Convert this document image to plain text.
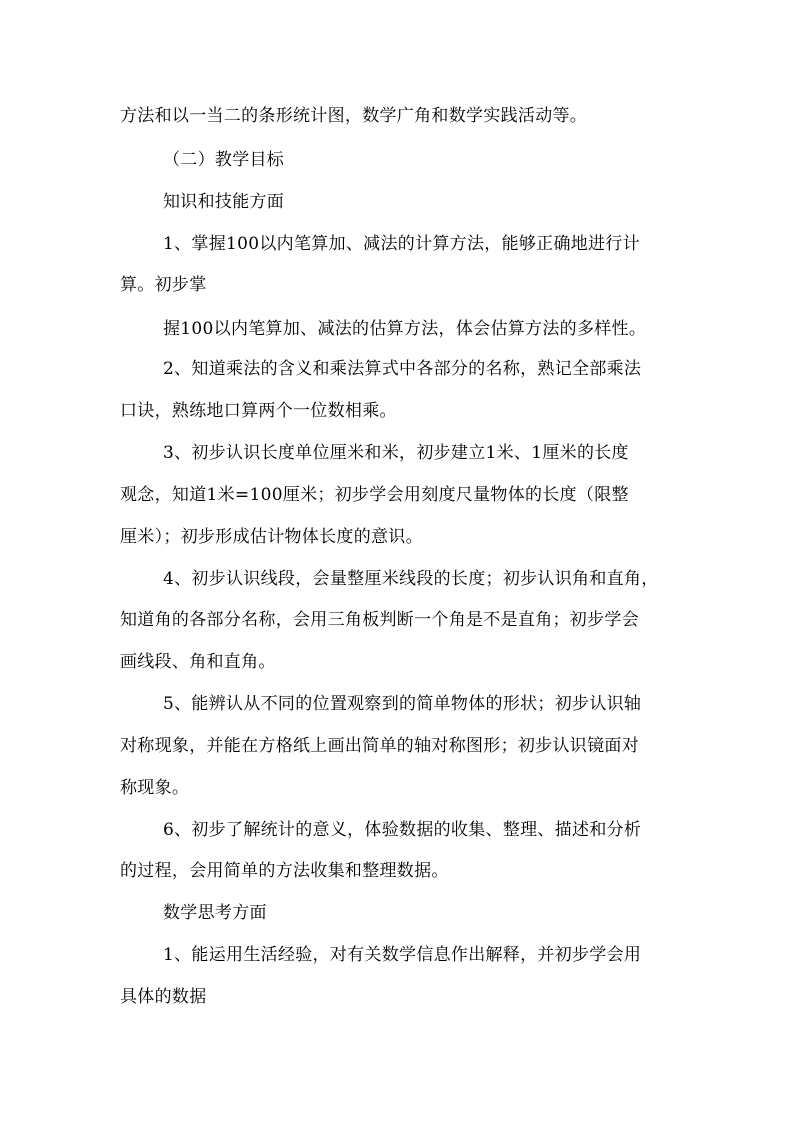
方法和以一当二的条形统计图，数学广角和数学实践活动等。
（二）教学目标
知识和技能方面
1、掌握100以内笔算加、减法的计算方法，能够正确地进行计
算。初步掌
握100以内笔算加、减法的估算方法，体会估算方法的多样性。
2、知道乘法的含义和乘法算式中各部分的名称，熟记全部乘法
口诀，熟练地口算两个一位数相乘。
3、初步认识长度单位厘米和米，初步建立1米、1厘米的长度
观念，知道1米=100厘米；初步学会用刻度尺量物体的长度（限整
厘米）；初步形成估计物体长度的意识。
4、初步认识线段，会量整厘米线段的长度；初步认识角和直角，
知道角的各部分名称，会用三角板判断一个角是不是直角；初步学会
画线段、角和直角。
5、能辨认从不同的位置观察到的简单物体的形状；初步认识轴
对称现象，并能在方格纸上画出简单的轴对称图形；初步认识镜面对
称现象。
6、初步了解统计的意义，体验数据的收集、整理、描述和分析
的过程，会用简单的方法收集和整理数据。
数学思考方面
1、能运用生活经验，对有关数学信息作出解释，并初步学会用
具体的数据
